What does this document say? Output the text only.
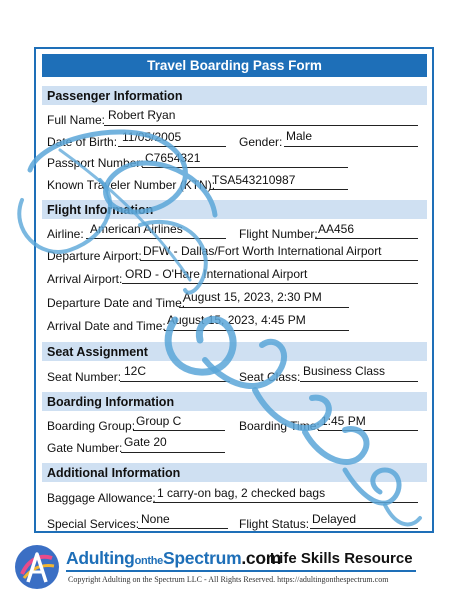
Travel Boarding Pass Form
Passenger Information
Full Name: Robert Ryan
Date of Birth: 11/05/2005	Gender: Male
Passport Number: C7654321
Known Traveler Number (KTN):
TSA543210987
Flight Information
Airline: American Airlines	Flight Number: AA456
Departure Airport: DFW - Dallas/Fort Worth International Airport
Arrival Airport: ORD - O'Hare International Airport
Departure Date and Time:
August 15, 2023, 2:30 PM
Arrival Date and Time: August 15, 2023, 4:45 PM
Seat Assignment
Seat Number: 12C	Seat Class: Business Class
Boarding Information
Boarding Group: Group C	Boarding Time: 1:45 PM
Gate Number: Gate 20
Additional Information
Baggage Allowance: 1 carry-on bag, 2 checked bags
Special Services: None	Flight Status: Delayed
AdultingontheSpectrum.com
Life Skills Resource
Copyright Adulting on the Spectrum LLC - All Rights Reserved. https://adultingonthespectrum.com
